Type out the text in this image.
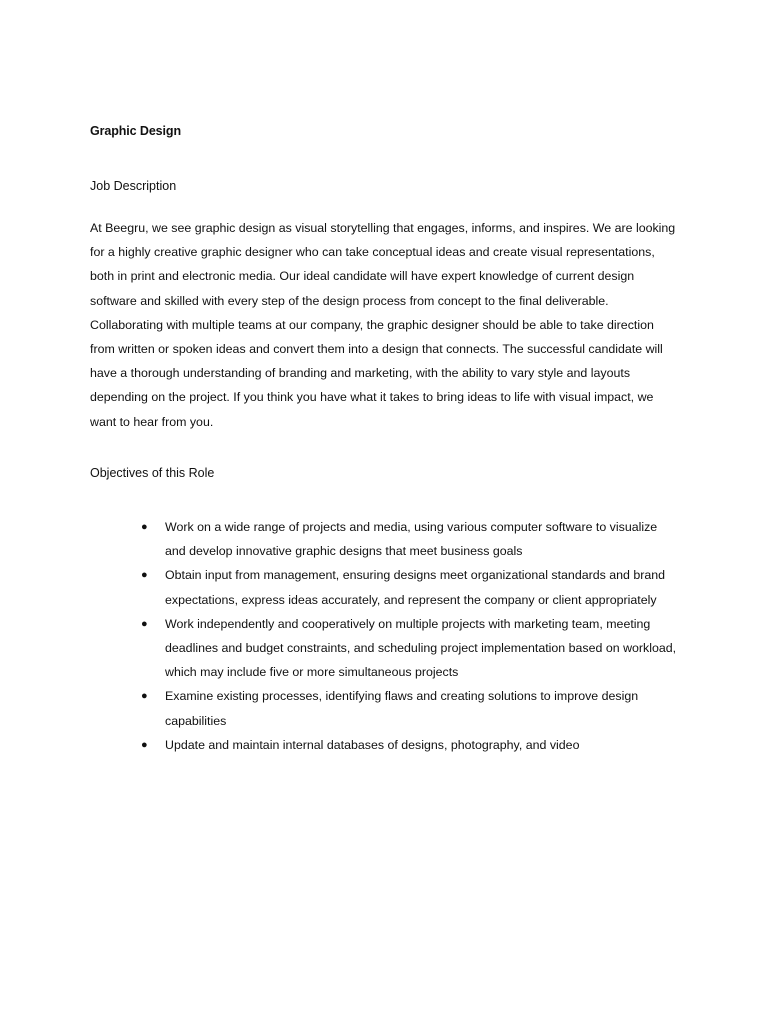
Graphic Design
Job Description

At Beegru, we see graphic design as visual storytelling that engages, informs, and inspires. We are looking for a highly creative graphic designer who can take conceptual ideas and create visual representations, both in print and electronic media. Our ideal candidate will have expert knowledge of current design software and skilled with every step of the design process from concept to the final deliverable. Collaborating with multiple teams at our company, the graphic designer should be able to take direction from written or spoken ideas and convert them into a design that connects. The successful candidate will have a thorough understanding of branding and marketing, with the ability to vary style and layouts depending on the project. If you think you have what it takes to bring ideas to life with visual impact, we want to hear from you.

Objectives of this Role
● Work on a wide range of projects and media, using various computer software to visualize and develop innovative graphic designs that meet business goals
● Obtain input from management, ensuring designs meet organizational standards and brand expectations, express ideas accurately, and represent the company or client appropriately
● Work independently and cooperatively on multiple projects with marketing team, meeting deadlines and budget constraints, and scheduling project implementation based on workload, which may include five or more simultaneous projects
● Examine existing processes, identifying flaws and creating solutions to improve design capabilities
● Update and maintain internal databases of designs, photography, and video
